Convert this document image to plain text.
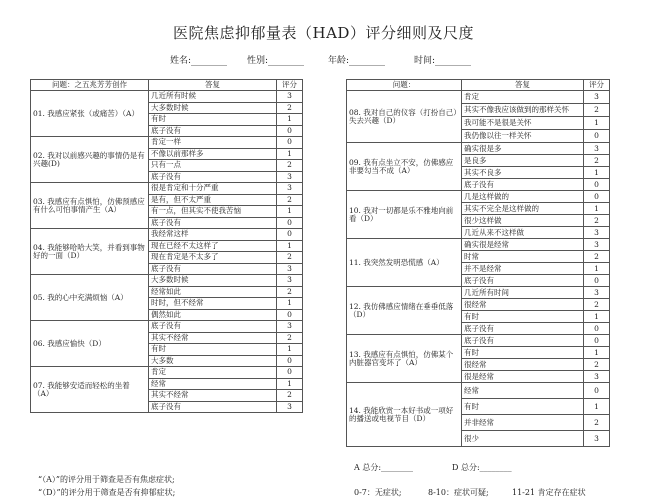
医院焦虑抑郁量表（HAD）评分细则及尺度
姓名:________ 性别:________	年龄:________	时间:________
问题：之五兆芳芳创作	答复	评分
01. 我感应紧张（或痛苦）（A）	几近所有时候	3
	大多数时候	2
	有时	1
	底子没有	0
02. 我对以前感兴趣的事情仍是有兴趣(D)	肯定一样	0
	不像以前那样多	1
	只有一点	2
	底子没有	3
03. 我感应有点惧怕，仿佛预感应有什么可怕事情产生（A）	很是肯定和十分严重	3
	是有，但不太严重	2
	有一点，但其实不使我苦恼	1
	底子没有	0
04. 我能够哈哈大笑，并看到事物好的一面（D）	我经常这样	0
	现在已经不太这样了	1
	现在肯定是不太多了	2
	底子没有	3
05. 我的心中充满烦恼（A）	大多数时候	3
	经常如此	2
	时时，但不经常	1
	偶然如此	0
06. 我感应愉快（D）	底子没有	3
	其实不经常	2
	有时	1
	大多数	0
07. 我能够安适而轻松的坐着（A）	肯定	0
	经常	1
	其实不经常	2
	底子没有	3
问题：	答复	评分
08. 我对自己的仪容（打扮自己）失去兴趣（D）	肯定	3
	其实不像我应该做到的那样关怀	2
	我可能不是很是关怀	1
	我仍像以往一样关怀	0
09. 我有点坐立不安，仿佛感应非要勾当不成（A）	确实很是多	3
	是良多	2
	其实不良多	1
	底子没有	0
10. 我对一切都是乐不雅地向前看（D）	几是这样做的	0
	其实不完全是这样做的	1
	很少这样做	2
	几近从来不这样做	3
11. 我突然发明恐慌感（A）	确实很是经常	3
	时常	2
	并不是经常	1
	底子没有	0
12. 我仿佛感应情绪在垂垂低落（D）	几近所有时间	3
	很经常	2
	有时	1
	底子没有	0
13. 我感应有点惧怕，仿佛某个内脏器官变坏了（A）	底子没有	0
	有时	1
	很经常	2
	很是经常	3
14. 我能欣赏一本好书或一项好的播送或电视节目（D）	经常	0
	有时	1
	并非经常	2
	很少	3
“（A）”的评分用于筛查是否有焦虑症状;
“（D）”的评分用于筛查是否有抑郁症状;
A 总分:________	D 总分:________
0-7：无症状;	8-10：症状可疑;	11-21 肯定存在症状
